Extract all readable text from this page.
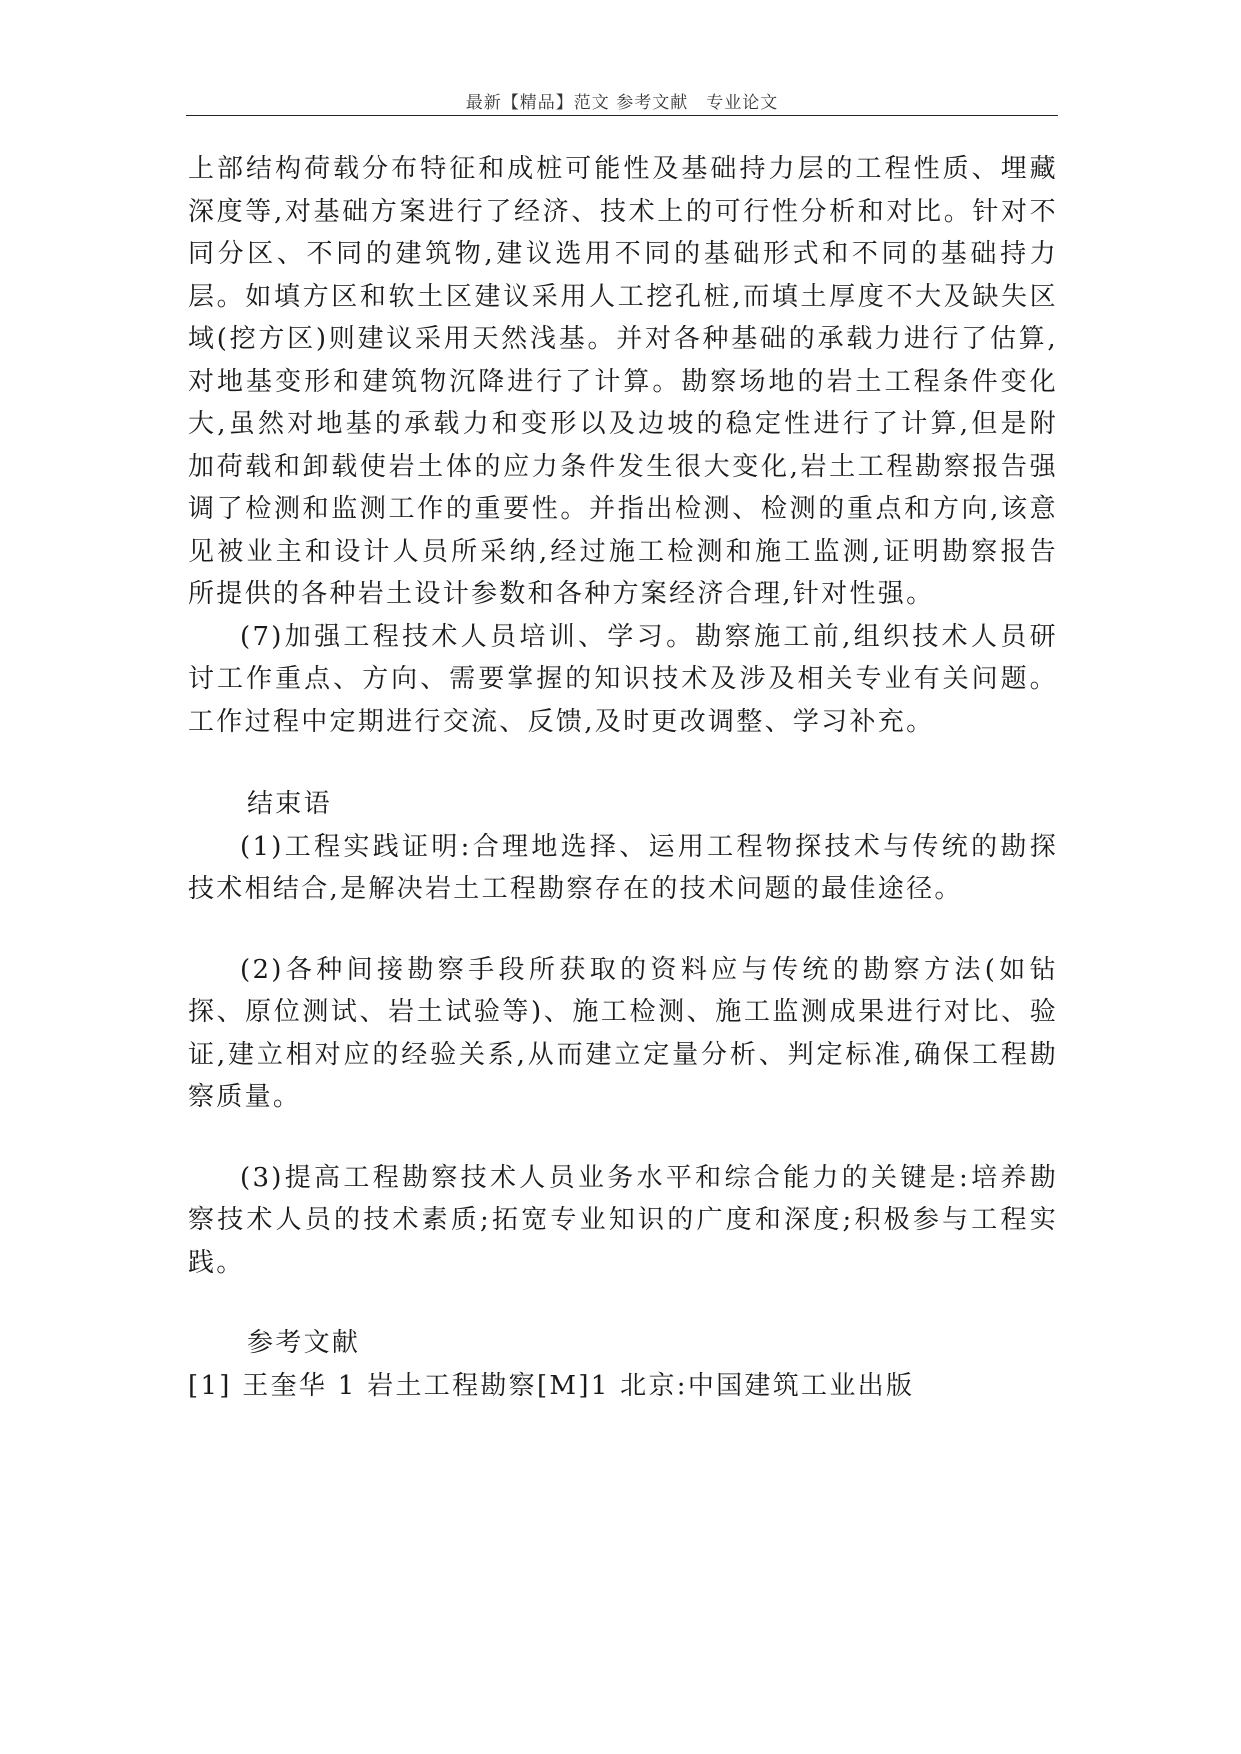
最新【精品】范文 参考文献　专业论文

上部结构荷载分布特征和成桩可能性及基础持力层的工程性质、埋藏深度等,对基础方案进行了经济、技术上的可行性分析和对比。针对不同分区、不同的建筑物,建议选用不同的基础形式和不同的基础持力层。如填方区和软土区建议采用人工挖孔桩,而填土厚度不大及缺失区域(挖方区)则建议采用天然浅基。并对各种基础的承载力进行了估算,对地基变形和建筑物沉降进行了计算。勘察场地的岩土工程条件变化大,虽然对地基的承载力和变形以及边坡的稳定性进行了计算,但是附加荷载和卸载使岩土体的应力条件发生很大变化,岩土工程勘察报告强调了检测和监测工作的重要性。并指出检测、检测的重点和方向,该意见被业主和设计人员所采纳,经过施工检测和施工监测,证明勘察报告所提供的各种岩土设计参数和各种方案经济合理,针对性强。

(7)加强工程技术人员培训、学习。勘察施工前,组织技术人员研讨工作重点、方向、需要掌握的知识技术及涉及相关专业有关问题。工作过程中定期进行交流、反馈,及时更改调整、学习补充。

结束语

(1)工程实践证明:合理地选择、运用工程物探技术与传统的勘探技术相结合,是解决岩土工程勘察存在的技术问题的最佳途径。

(2)各种间接勘察手段所获取的资料应与传统的勘察方法(如钻探、原位测试、岩土试验等)、施工检测、施工监测成果进行对比、验证,建立相对应的经验关系,从而建立定量分析、判定标准,确保工程勘察质量。

(3)提高工程勘察技术人员业务水平和综合能力的关键是:培养勘察技术人员的技术素质;拓宽专业知识的广度和深度;积极参与工程实践。

参考文献

[1] 王奎华 1 岩土工程勘察[M]1 北京:中国建筑工业出版
